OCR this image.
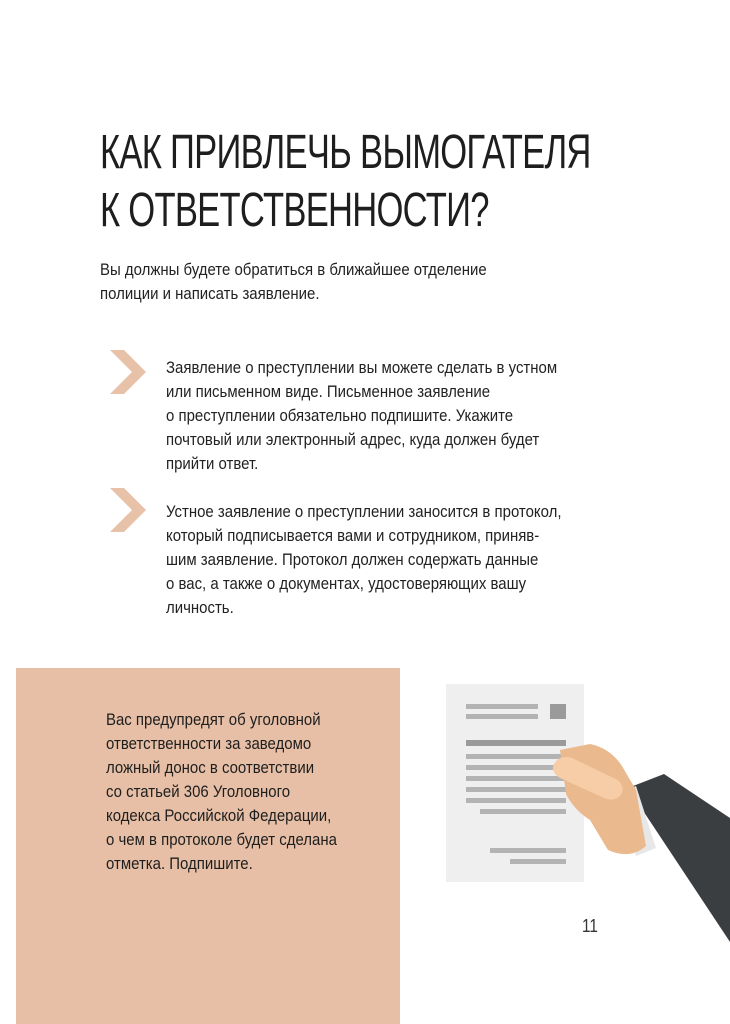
КАК ПРИВЛЕЧЬ ВЫМОГАТЕЛЯ
К ОТВЕТСТВЕННОСТИ?

Вы должны будете обратиться в ближайшее отделение
полиции и написать заявление.

Заявление о преступлении вы можете сделать в устном
или письменном виде. Письменное заявление
о преступлении обязательно подпишите. Укажите
почтовый или электронный адрес, куда должен будет
прийти ответ.

Устное заявление о преступлении заносится в протокол,
который подписывается вами и сотрудником, приняв-
шим заявление. Протокол должен содержать данные
о вас, а также о документах, удостоверяющих вашу
личность.

Вас предупредят об уголовной
ответственности за заведомо
ложный донос в соответствии
со статьей 306 Уголовного
кодекса Российской Федерации,
о чем в протоколе будет сделана
отметка. Подпишите.

11
